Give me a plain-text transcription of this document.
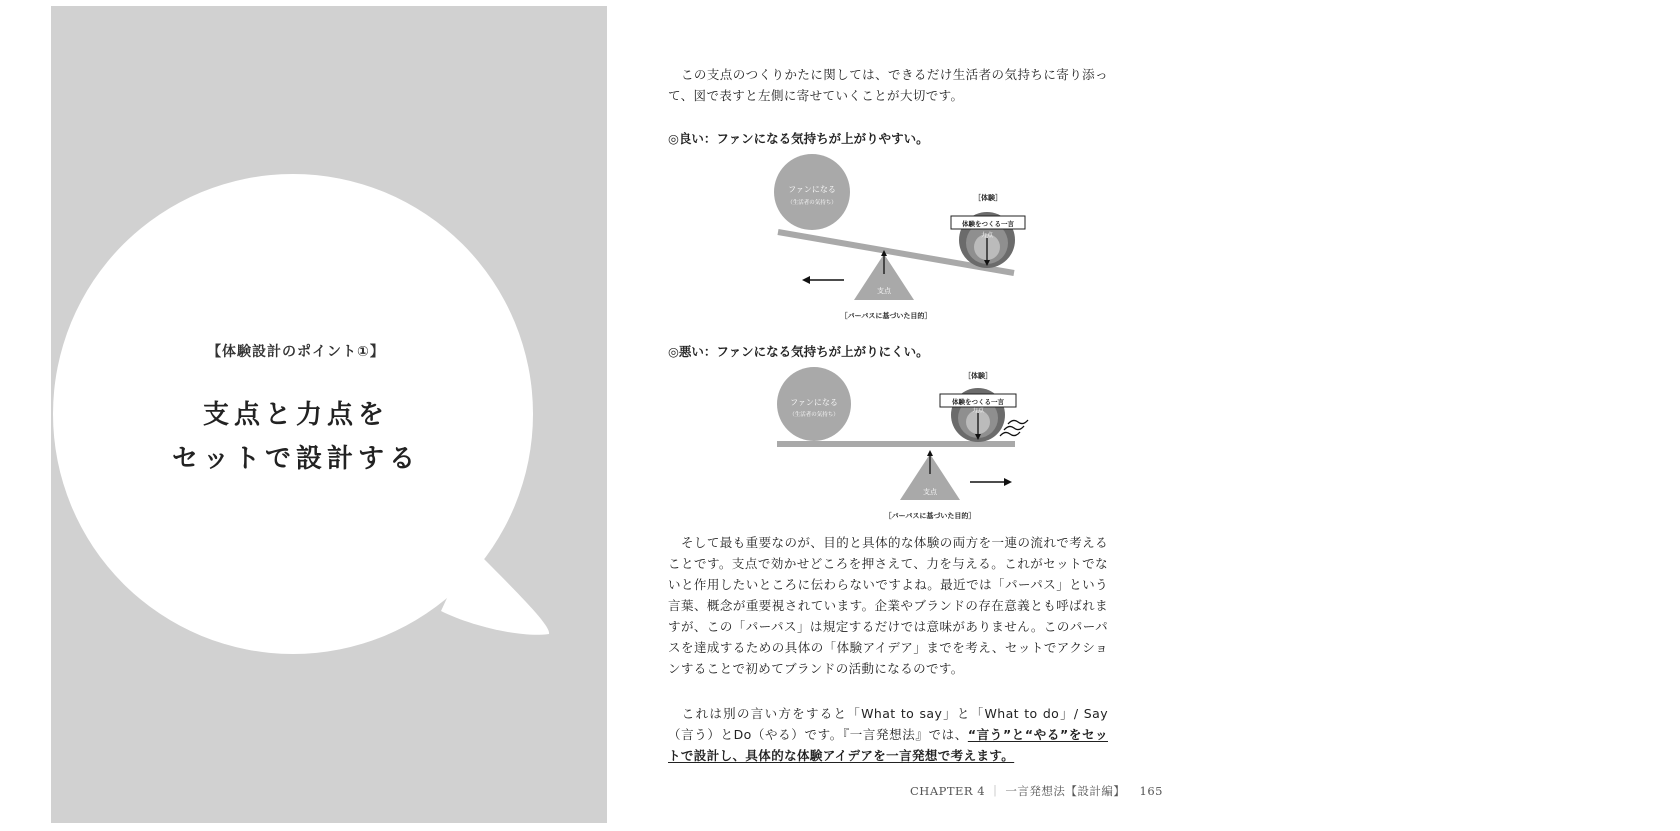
【体験設計のポイント①】
支点と力点を
セットで設計する

　この支点のつくりかたに関しては、できるだけ生活者の気持ちに寄り添って、図で表すと左側に寄せていくことが大切です。

◎良い：ファンになる気持ちが上がりやすい。

ファンになる
（生活者の気持ち）
力点
体験をつくる一言
［体験］
支点
［パーパスに基づいた目的］
ファンになる
（生活者の気持ち）
力点
体験をつくる一言
［体験］
支点
［パーパスに基づいた目的］

　そして最も重要なのが、目的と具体的な体験の両方を一連の流れで考えることです。支点で効かせどころを押さえて、力を与える。これがセットでないと作用したいところに伝わらないですよね。最近では「パーパス」という言葉、概念が重要視されています。企業やブランドの存在意義とも呼ばれますが、この「パーパス」は規定するだけでは意味がありません。このパーパスを達成するための具体の「体験アイデア」までを考え、セットでアクションすることで初めてブランドの活動になるのです。

　これは別の言い方をすると「What to say」と「What to do」/ Say（言う）とDo（やる）です。『一言発想法』では、“言う”と“やる”をセットで設計し、具体的な体験アイデアを一言発想で考えます。

◎悪い：ファンになる気持ちが上がりにくい。

CHAPTER 4 ｜ 一言発想法【設計編】 165
